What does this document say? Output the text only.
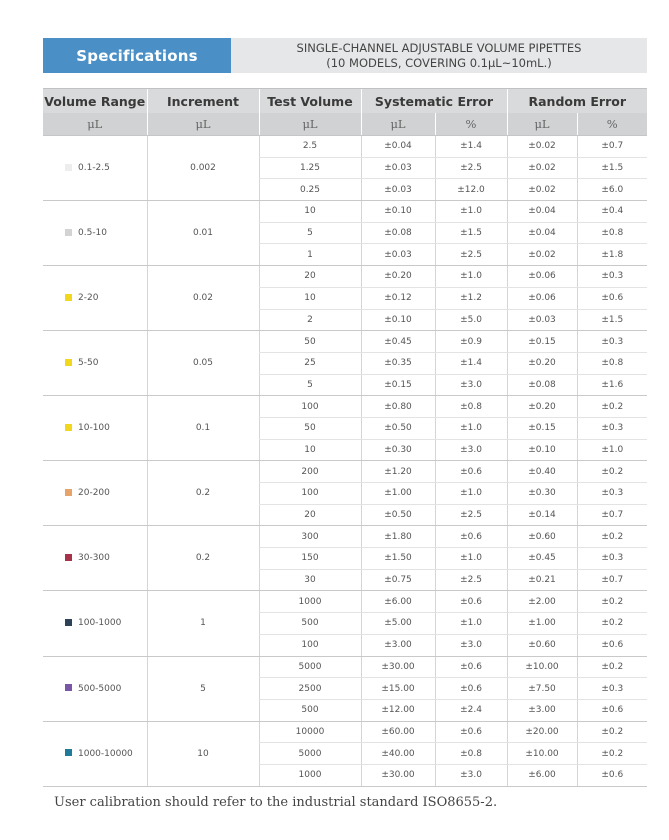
Specifications	SINGLE-CHANNEL ADJUSTABLE VOLUME PIPETTES
(10 MODELS, COVERING 0.1μL~10mL.)
Volume Range	Increment	Test Volume	Systematic Error		Random Error	
μL	μL	μL	μL	%	μL	%
0.1-2.5	0.002	2.5	±0.04	±1.4	±0.02	±0.7
		1.25	±0.03	±2.5	±0.02	±1.5
		0.25	±0.03	±12.0	±0.02	±6.0
0.5-10	0.01	10	±0.10	±1.0	±0.04	±0.4
		5	±0.08	±1.5	±0.04	±0.8
		1	±0.03	±2.5	±0.02	±1.8
2-20	0.02	20	±0.20	±1.0	±0.06	±0.3
		10	±0.12	±1.2	±0.06	±0.6
		2	±0.10	±5.0	±0.03	±1.5
5-50	0.05	50	±0.45	±0.9	±0.15	±0.3
		25	±0.35	±1.4	±0.20	±0.8
		5	±0.15	±3.0	±0.08	±1.6
10-100	0.1	100	±0.80	±0.8	±0.20	±0.2
		50	±0.50	±1.0	±0.15	±0.3
		10	±0.30	±3.0	±0.10	±1.0
20-200	0.2	200	±1.20	±0.6	±0.40	±0.2
		100	±1.00	±1.0	±0.30	±0.3
		20	±0.50	±2.5	±0.14	±0.7
30-300	0.2	300	±1.80	±0.6	±0.60	±0.2
		150	±1.50	±1.0	±0.45	±0.3
		30	±0.75	±2.5	±0.21	±0.7
100-1000	1	1000	±6.00	±0.6	±2.00	±0.2
		500	±5.00	±1.0	±1.00	±0.2
		100	±3.00	±3.0	±0.60	±0.6
500-5000	5	5000	±30.00	±0.6	±10.00	±0.2
		2500	±15.00	±0.6	±7.50	±0.3
		500	±12.00	±2.4	±3.00	±0.6
1000-10000	10	10000	±60.00	±0.6	±20.00	±0.2
		5000	±40.00	±0.8	±10.00	±0.2
		1000	±30.00	±3.0	±6.00	±0.6
User calibration should refer to the industrial standard ISO8655-2.
